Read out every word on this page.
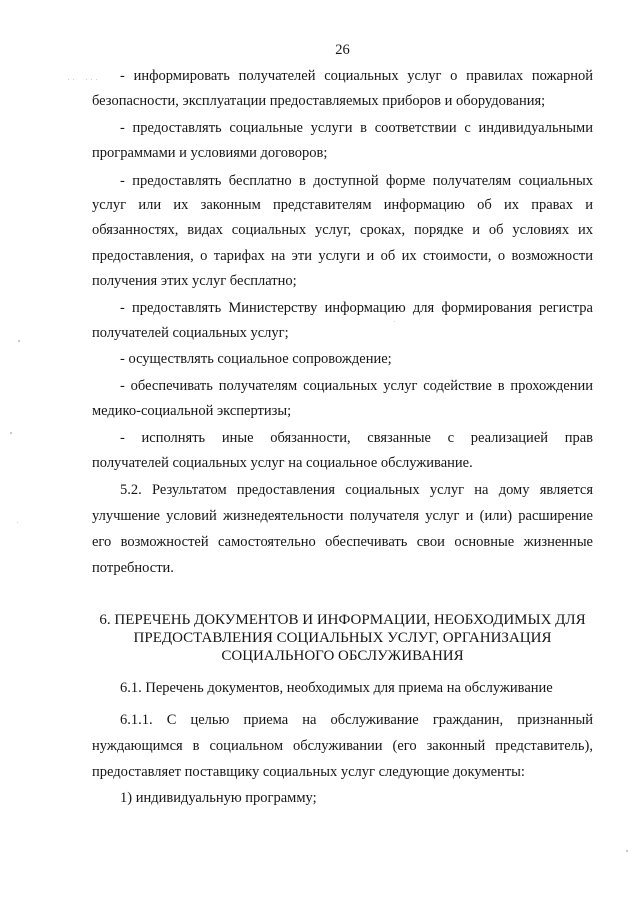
26
- информировать получателей социальных услуг о правилах пожарной
безопасности, эксплуатации предоставляемых приборов и оборудования;
- предоставлять социальные услуги в соответствии с индивидуальными
программами и условиями договоров;
- предоставлять бесплатно в доступной форме получателям социальных
услуг или их законным представителям информацию об их правах и
обязанностях, видах социальных услуг, сроках, порядке и об условиях их
предоставления, о тарифах на эти услуги и об их стоимости, о возможности
получения этих услуг бесплатно;
- предоставлять Министерству информацию для формирования регистра
получателей социальных услуг;
- осуществлять социальное сопровождение;
- обеспечивать получателям социальных услуг содействие в прохождении
медико-социальной экспертизы;
- исполнять иные обязанности, связанные с реализацией прав
получателей социальных услуг на социальное обслуживание.
5.2. Результатом предоставления социальных услуг на дому является
улучшение условий жизнедеятельности получателя услуг и (или) расширение
его возможностей самостоятельно обеспечивать свои основные жизненные
потребности.
6. ПЕРЕЧЕНЬ ДОКУМЕНТОВ И ИНФОРМАЦИИ, НЕОБХОДИМЫХ ДЛЯ
ПРЕДОСТАВЛЕНИЯ СОЦИАЛЬНЫХ УСЛУГ, ОРГАНИЗАЦИЯ
СОЦИАЛЬНОГО ОБСЛУЖИВАНИЯ
6.1. Перечень документов, необходимых для приема на обслуживание
6.1.1. С целью приема на обслуживание гражданин, признанный
нуждающимся в социальном обслуживании (его законный представитель),
предоставляет поставщику социальных услуг следующие документы:
1) индивидуальную программу;
